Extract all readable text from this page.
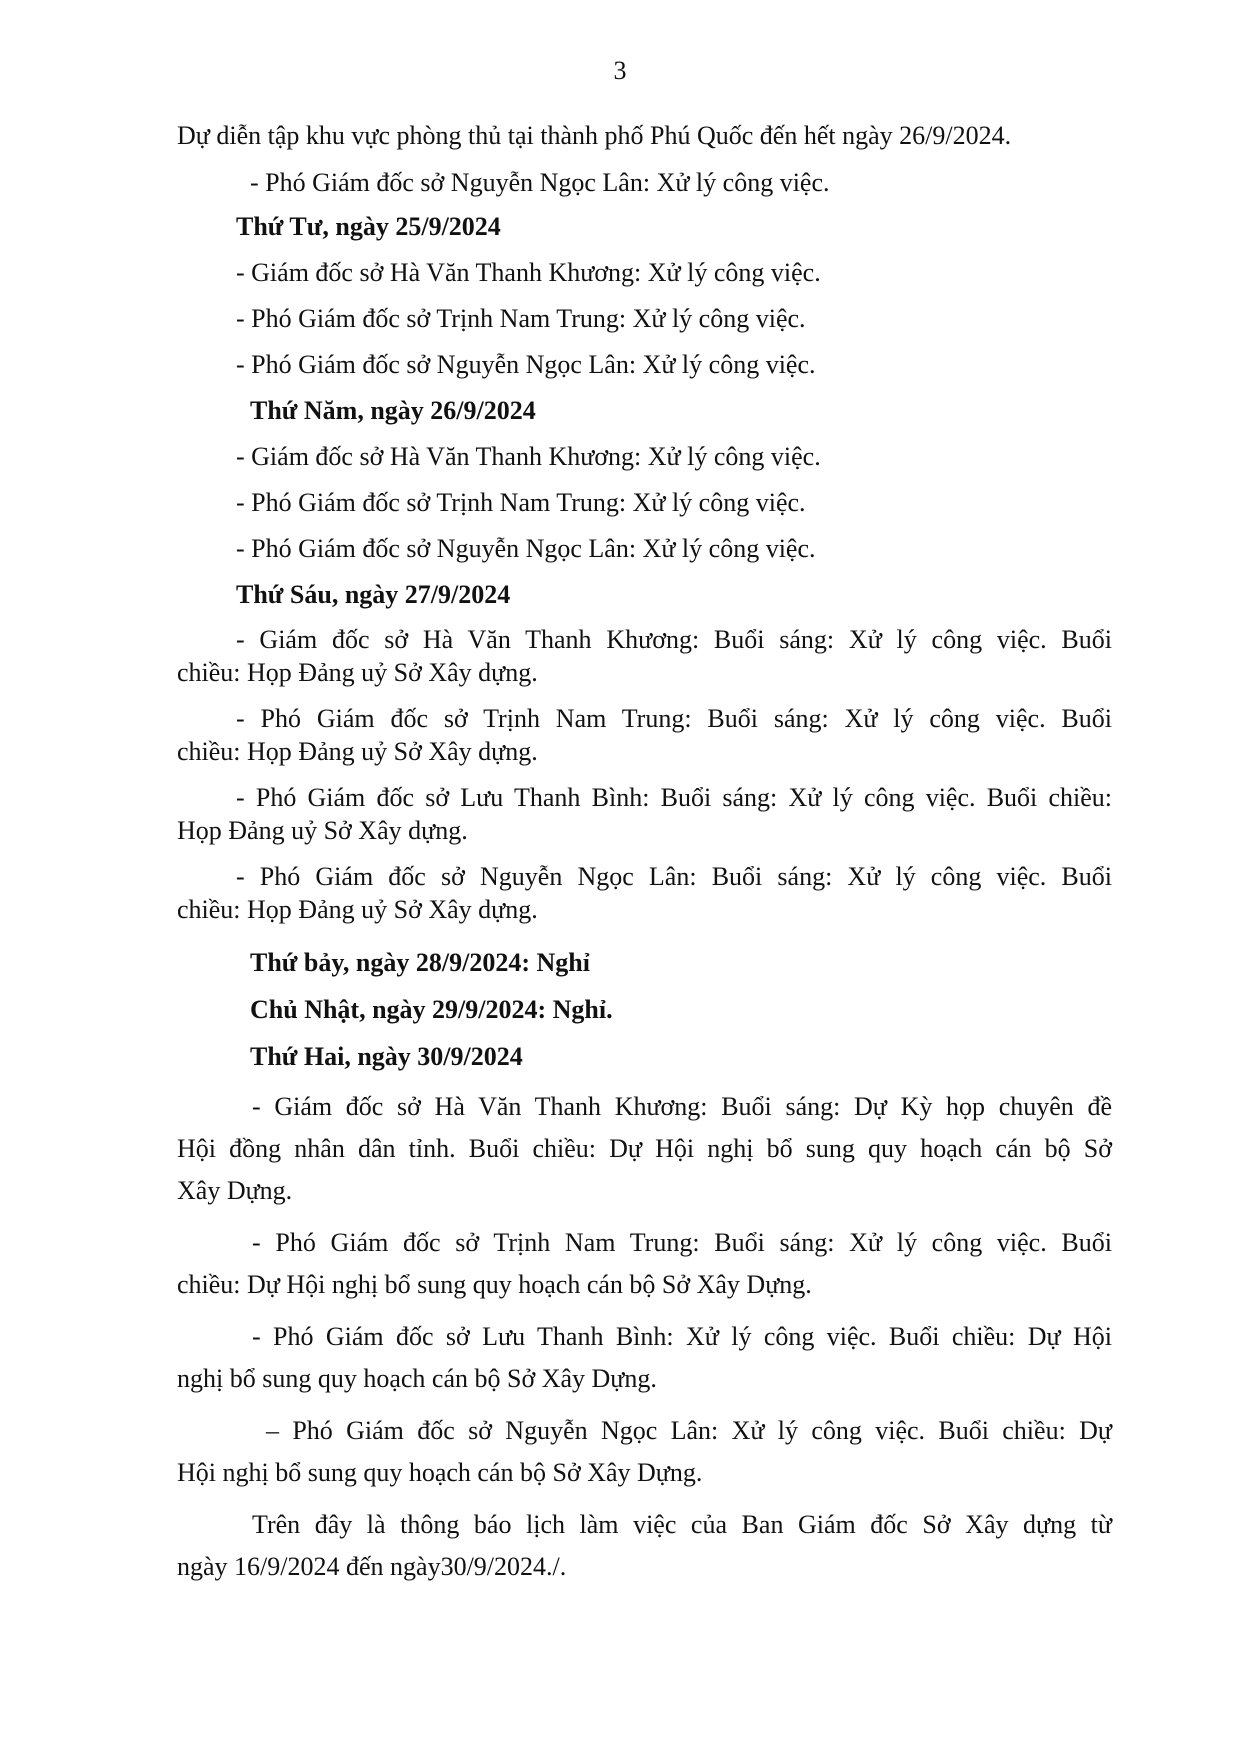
3
Dự diễn tập khu vực phòng thủ tại thành phố Phú Quốc đến hết ngày 26/9/2024.
- Phó Giám đốc sở Nguyễn Ngọc Lân: Xử lý công việc.
Thứ Tư, ngày 25/9/2024
- Giám đốc sở Hà Văn Thanh Khương: Xử lý công việc.
- Phó Giám đốc sở Trịnh Nam Trung: Xử lý công việc.
- Phó Giám đốc sở Nguyễn Ngọc Lân: Xử lý công việc.
Thứ Năm, ngày 26/9/2024
- Giám đốc sở Hà Văn Thanh Khương: Xử lý công việc.
- Phó Giám đốc sở Trịnh Nam Trung: Xử lý công việc.
- Phó Giám đốc sở Nguyễn Ngọc Lân: Xử lý công việc.
Thứ Sáu, ngày 27/9/2024
- Giám đốc sở Hà Văn Thanh Khương: Buổi sáng: Xử lý công việc. Buổi
chiều: Họp Đảng uỷ Sở Xây dựng.
- Phó Giám đốc sở Trịnh Nam Trung: Buổi sáng: Xử lý công việc. Buổi
chiều: Họp Đảng uỷ Sở Xây dựng.
- Phó Giám đốc sở Lưu Thanh Bình: Buổi sáng: Xử lý công việc. Buổi chiều:
Họp Đảng uỷ Sở Xây dựng.
- Phó Giám đốc sở Nguyễn Ngọc Lân: Buổi sáng: Xử lý công việc. Buổi
chiều: Họp Đảng uỷ Sở Xây dựng.
Thứ bảy, ngày 28/9/2024: Nghỉ
Chủ Nhật, ngày 29/9/2024: Nghỉ.
Thứ Hai, ngày 30/9/2024
- Giám đốc sở Hà Văn Thanh Khương: Buổi sáng: Dự Kỳ họp chuyên đề
Hội đồng nhân dân tỉnh. Buổi chiều: Dự Hội nghị bổ sung quy hoạch cán bộ Sở
Xây Dựng.
- Phó Giám đốc sở Trịnh Nam Trung: Buổi sáng: Xử lý công việc. Buổi
chiều: Dự Hội nghị bổ sung quy hoạch cán bộ Sở Xây Dựng.
- Phó Giám đốc sở Lưu Thanh Bình: Xử lý công việc. Buổi chiều: Dự Hội
nghị bổ sung quy hoạch cán bộ Sở Xây Dựng.
– Phó Giám đốc sở Nguyễn Ngọc Lân: Xử lý công việc. Buổi chiều: Dự
Hội nghị bổ sung quy hoạch cán bộ Sở Xây Dựng.
Trên đây là thông báo lịch làm việc của Ban Giám đốc Sở Xây dựng từ
ngày 16/9/2024 đến ngày30/9/2024./.
